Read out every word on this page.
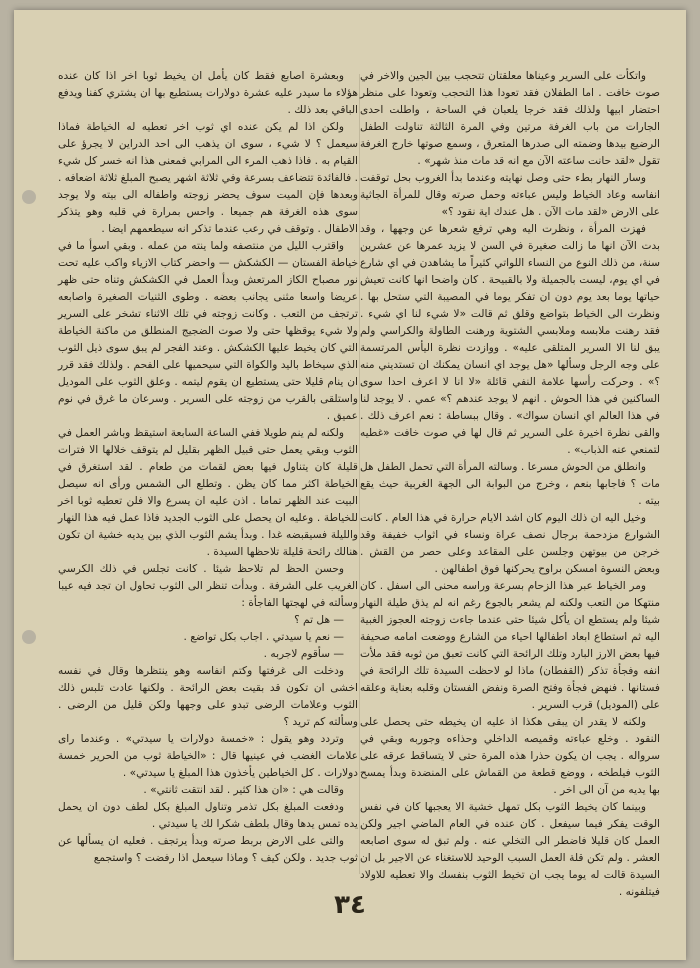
واتكأت على السرير وعيناها معلقتان تتحجب بين الجين والاخر في صوت خافت . اما الطفلان فقد تعودا هذا التحجب وتعودا على منظر احتضار ابيها ولذلك فقد خرجا يلعبان في الساحة ، واطلت احدى الجارات من باب الغرفة مرتين وفي المرة الثالثة تناولت الطفل الرضيع بيدها وضمته الى صدرها المتعرق ، وسمع صوتها خارج الغرفة تقول «لقد حانت ساعته الآن مع انه قد مات منذ شهر» .

وسار النهار بطء حتى وصل نهايته وعندما بدأ الغروب بحل توقفت انفاسه وعاد الخياط وليس عباءته وحمل صرته وقال للمرأة الجاثية على الارض «لقد مات الآن . هل عندك اية نقود ؟»

فهزت المرأة ، ونظرت اليه وهي ترفع شعرها عن وجهها ، وقد بدت الآن انها ما زالت صغيرة في السن لا يزيد عمرها عن عشرين سنة، من ذلك النوع من النساء اللواتي كثيراً ما يشاهدن في اي شارع في اي يوم، ليست بالجميلة ولا بالقبيحة . كان واضحا انها كانت تعيش حياتها يوما بعد يوم دون ان تفكر يوما في المصيبة التي ستحل بها . ونظرت الى الخياط بتواضع وقلق ثم قالت «لا شيء لنا اي شيء . فقد رهنت ملابسه وملابسي الشتوية ورهنت الطاولة والكراسي ولم يبق لنا الا السرير المتلقى عليه» . ووازدت نظرة اليأس المرتسمة على وجه الرجل وسألها «هل يوجد اي انسان يمكنك ان تستديني منه ؟» . وحركت رأسها علامة النفي قائلة «لا انا لا اعرف احدا سوى الساكنين في هذا الحوش . انهم لا يوجد عندهم ؟» عمي . لا يوجد لنا في هذا العالم اي انسان سواك» . وقال ببساطة : نعم اعرف ذلك . والقى نظرة اخيرة على السرير ثم قال لها في صوت خافت «غطيه لتمنعي عنه الذباب» .

وانطلق من الحوش مسرعا . وسالته المرأة التي تحمل الطفل هل مات ؟ فاجابها بنعم ، وخرج من البوابة الى الجهة الغربية حيث يقع بيته .

وخيل اليه ان ذلك اليوم كان اشد الايام حرارة في هذا العام . كانت الشوارع مزدحمة برجال نصف عراة ونساء في اثواب خفيفة وقد خرجن من بيوتهن وجلسن على المقاعد وعلى حصر من القش . وبعض النسوة امسكن براوح يحركنها فوق اطفالهن .

ومر الخياط عبر هذا الزحام بسرعة وراسه محنى الى اسفل . كان منتهكا من التعب ولكنه لم يشعر بالجوع رغم انه لم يذق طيلة النهار شيئا ولم يستطع ان يأكل شيئا حتى عندما جاءت زوجته العجوز الغبية اليه ثم استطاع ابعاد اطفالها احياء من الشارع ووضعت امامه صحيفة فيها بعض الارز البارد وتلك الرائحة التي كانت تعبق من ثوبه فقد ملأت انفه وفجأة تذكر (القفطان) ماذا لو لاحظت السيدة تلك الرائحة في فستانها . فنهض فجأة وفتح الصرة ونفض الفستان وقلبه بعناية وعلقه على (الموديل) قرب السرير .

ولكنه لا يقدر ان يبقى هكذا اذ عليه ان يخيطه حتى يحصل على النقود . وخلع عباءته وقميصه الداخلي وحذاءه وجوربه وبقي في سرواله . يجب ان يكون حذرا هذه المرة حتى لا يتساقط عرقه على الثوب فيلطخه ، ووضع قطعة من القماش على المنضدة وبدأ يمسح بها يديه من آن الى اخر .

وبينما كان يخيط الثوب بكل تمهل خشية الا يعجبها كان في نفس الوقت يفكر فيما سيفعل . كان عنده في العام الماضي اجير ولكن العمل كان قليلا فاضطر الى التخلي عنه . ولم تبق له سوى اصابعه العشر . ولم تكن قلة العمل السبب الوحيد للاستغناء عن الاجير بل ان السيدة قالت له يوما يجب ان تخيط الثوب بنفسك والا تعطيه للاولاد فيتلفونه .

وبعشرة اصابع فقط كان يأمل ان يخيط ثوبا اخر اذا كان عنده هؤلاء ما سيدر عليه عشرة دولارات يستطيع بها ان يشتري كفنا ويدفع الباقي بعد ذلك .

ولكن اذا لم يكن عنده اي ثوب اخر تعطيه له الخياطة فماذا سيعمل ؟ لا شيء ، سوى ان يذهب الى احد الدراين لا يجرؤ على القيام به . فاذا ذهب المرء الى المرابي فمعنى هذا انه خسر كل شيء . فالفائدة تتضاعف بسرعة وفي ثلاثة اشهر يصبح المبلغ ثلاثة اضعافه . وبعدها فإن الميت سوف يحضر زوجته واطفاله الى بيته ولا يوجد سوى هذه الغرفة هم جميعا . واحس بمرارة في قلبه وهو يتذكر الاطفال . وتوقف في رعب عندما تذكر انه سيطعمهم ايضا .

واقترب الليل من منتصفه ولما ينته من عمله . وبقي اسوأ ما في خياطة الفستان — الكشكش — واحضر كتاب الازياء واكب عليه تحت نور مصباح الكاز المرتعش وبدأ العمل في الكشكش وتناه حتى ظهر عريضا واسعا مثنى يجانب بعضه . وطوى الثنيات الصغيرة واصابعه ترتجف من التعب . وكانت زوجته في تلك الاثناء تشخر على السرير ولا شيء يوقظها حتى ولا صوت الضجيج المنطلق من ماكنة الخياطة التي كان يخيط عليها الكشكش . وعند الفجر لم يبق سوى ذيل الثوب الذي سيخاط باليد والكواة التي سيحميها على الفحم . ولذلك فقد قرر ان ينام قليلا حتى يستطيع ان يقوم ليتمه . وعلق الثوب على الموديل واستلقى بالقرب من زوجته على السرير . وسرعان ما غرق في نوم عميق .

ولكنه لم ينم طويلا ففي الساعة السابعة استيقظ وباشر العمل في الثوب وبقي يعمل حتى قبيل الظهر بقليل لم يتوقف خلالها الا فترات قليلة كان يتناول فيها بعض لقمات من طعام . لقد استغرق في الخياطة اكثر مما كان يظن . وتطلع الى الشمس ورأى انه سيصل البيت عند الظهر تماما . اذن عليه ان يسرع والا فلن تعطيه ثوبا اخر للخياطة . وعليه ان يحصل على الثوب الجديد فاذا عمل فيه هذا النهار والليلة فسيقبضه غدا . وبدأ يشم الثوب الذي بين يديه خشية ان تكون هنالك رائحة قليلة تلاحظها السيدة .

وحسن الحظ لم تلاحظ شيئا . كانت تجلس في ذلك الكرسي الغريب على الشرفة . وبدأت تنظر الى الثوب تحاول ان تجد فيه عيبا وسألته في لهجتها الفاجأة :

— هل تم ؟

— نعم يا سيدتي . اجاب بكل تواضع .

— سأقوم لاجربه .

ودخلت الى غرفتها وكتم انفاسه وهو ينتظرها وقال في نفسه اخشى ان تكون قد بقيت بعض الرائحة . ولكنها عادت تلبس ذلك الثوب وعلامات الرضى تبدو على وجهها ولكن قليل من الرضى . وسألته كم تريد ؟

وتردد وهو يقول : «خمسة دولارات يا سيدتي» . وعندما راى علامات الغضب في عينيها قال : «الخياطة ثوب من الحرير خمسة دولارات . كل الخياطين يأخذون هذا المبلغ يا سيدتي» .

وقالت هي : «ان هذا كثير . لقد انتقت ثانتي» .

ودفعت المبلغ بكل تذمر وتناول المبلغ بكل لطف دون ان يحمل يده تمس يدها وقال بلطف شكرا لك يا سيدتي .

والتى على الارض بربط صرته وبدأ يرتجف . فعليه ان يسألها عن ثوب جديد . ولكن كيف ؟ وماذا سيعمل اذا رفضت ؟ واستجمع

٣٤
